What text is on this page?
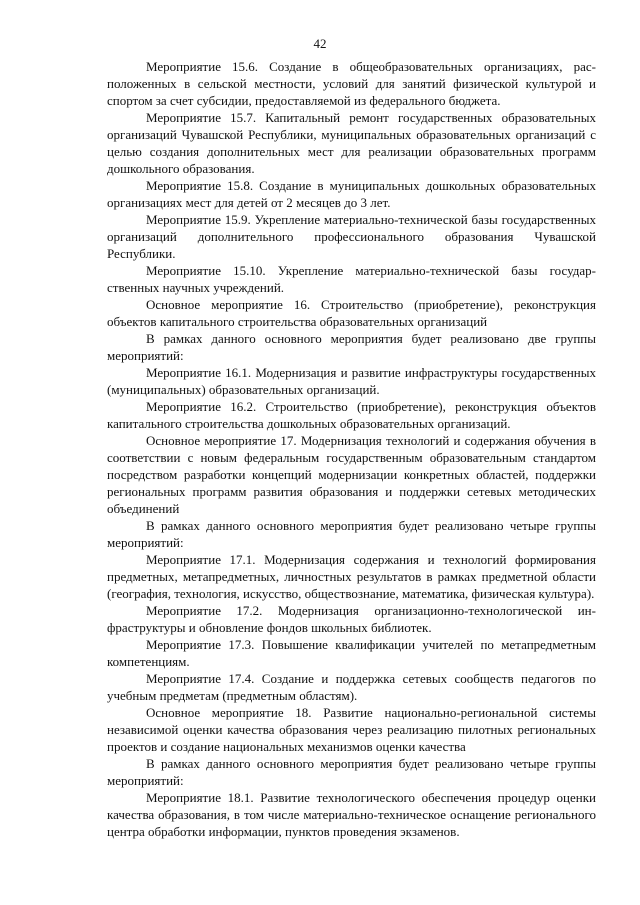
42

Мероприятие 15.6. Создание в общеобразовательных организациях, расположенных в сельской местности, условий для занятий физической культурой и спортом за счет субсидии, предоставляемой из федерального бюджета.

Мероприятие 15.7. Капитальный ремонт государственных образовательных организаций Чувашской Республики, муниципальных образовательных организаций с целью создания дополнительных мест для реализации образовательных программ дошкольного образования.

Мероприятие 15.8. Создание в муниципальных дошкольных образовательных организациях мест для детей от 2 месяцев до 3 лет.

Мероприятие 15.9. Укрепление материально-технической базы государственных организаций дополнительного профессионального образования Чувашской Республики.

Мероприятие 15.10. Укрепление материально-технической базы государственных научных учреждений.

Основное мероприятие 16. Строительство (приобретение), реконструкция объектов капитального строительства образовательных организаций

В рамках данного основного мероприятия будет реализовано две группы мероприятий:

Мероприятие 16.1. Модернизация и развитие инфраструктуры государственных (муниципальных) образовательных организаций.

Мероприятие 16.2. Строительство (приобретение), реконструкция объектов капитального строительства дошкольных образовательных организаций.

Основное мероприятие 17. Модернизация технологий и содержания обучения в соответствии с новым федеральным государственным образовательным стандартом посредством разработки концепций модернизации конкретных областей, поддержки региональных программ развития образования и поддержки сетевых методических объединений

В рамках данного основного мероприятия будет реализовано четыре группы мероприятий:

Мероприятие 17.1. Модернизация содержания и технологий формирования предметных, метапредметных, личностных результатов в рамках предметной области (география, технология, искусство, обществознание, математика, физическая культура).

Мероприятие 17.2. Модернизация организационно-технологической инфраструктуры и обновление фондов школьных библиотек.

Мероприятие 17.3. Повышение квалификации учителей по метапредметным компетенциям.

Мероприятие 17.4. Создание и поддержка сетевых сообществ педагогов по учебным предметам (предметным областям).

Основное мероприятие 18. Развитие национально-региональной системы независимой оценки качества образования через реализацию пилотных региональных проектов и создание национальных механизмов оценки качества

В рамках данного основного мероприятия будет реализовано четыре группы мероприятий:

Мероприятие 18.1. Развитие технологического обеспечения процедур оценки качества образования, в том числе материально-техническое оснащение регионального центра обработки информации, пунктов проведения экзаменов.
